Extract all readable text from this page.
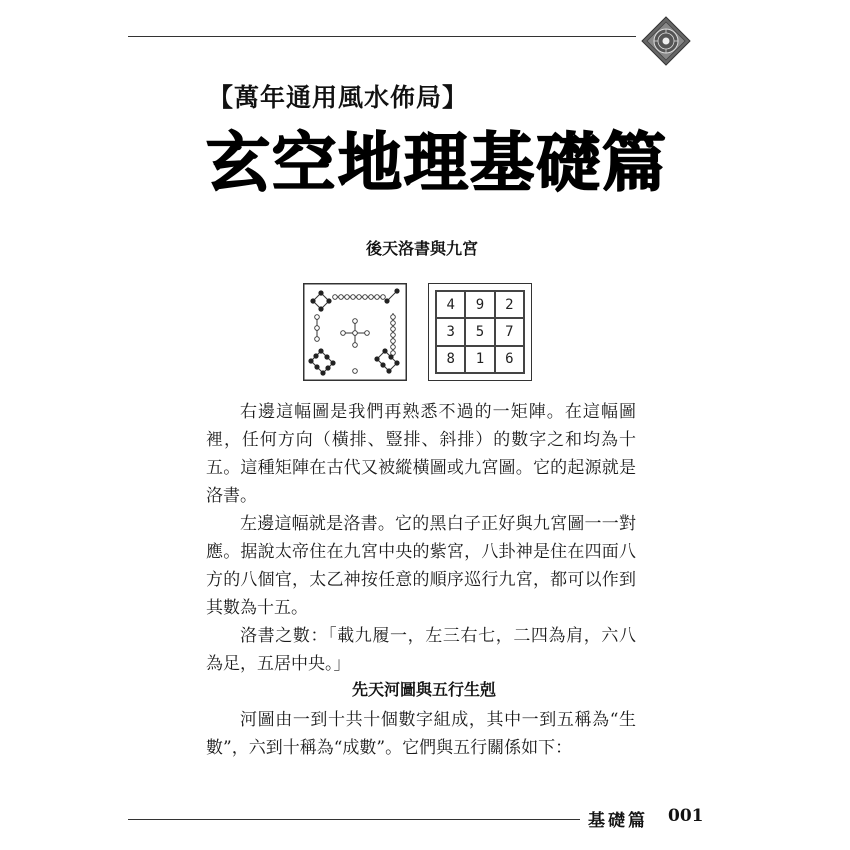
【萬年通用風水佈局】
玄空地理基礎篇
後天洛書與九宮
4	9	2
3	5	7
8	1	6

右邊這幅圖是我們再熟悉不過的一矩陣。在這幅圖裡，任何方向（橫排、豎排、斜排）的數字之和均為十五。這種矩陣在古代又被縱橫圖或九宮圖。它的起源就是洛書。

左邊這幅就是洛書。它的黑白子正好與九宮圖一一對應。据說太帝住在九宮中央的紫宮，八卦神是住在四面八方的八個官，太乙神按任意的順序巡行九宮，都可以作到其數為十五。

洛書之數：「載九履一，左三右七，二四為肩，六八為足，五居中央。」

先天河圖與五行生剋

河圖由一到十共十個數字組成，其中一到五稱為“生數”，六到十稱為“成數”。它們與五行關係如下：

基礎篇 001
